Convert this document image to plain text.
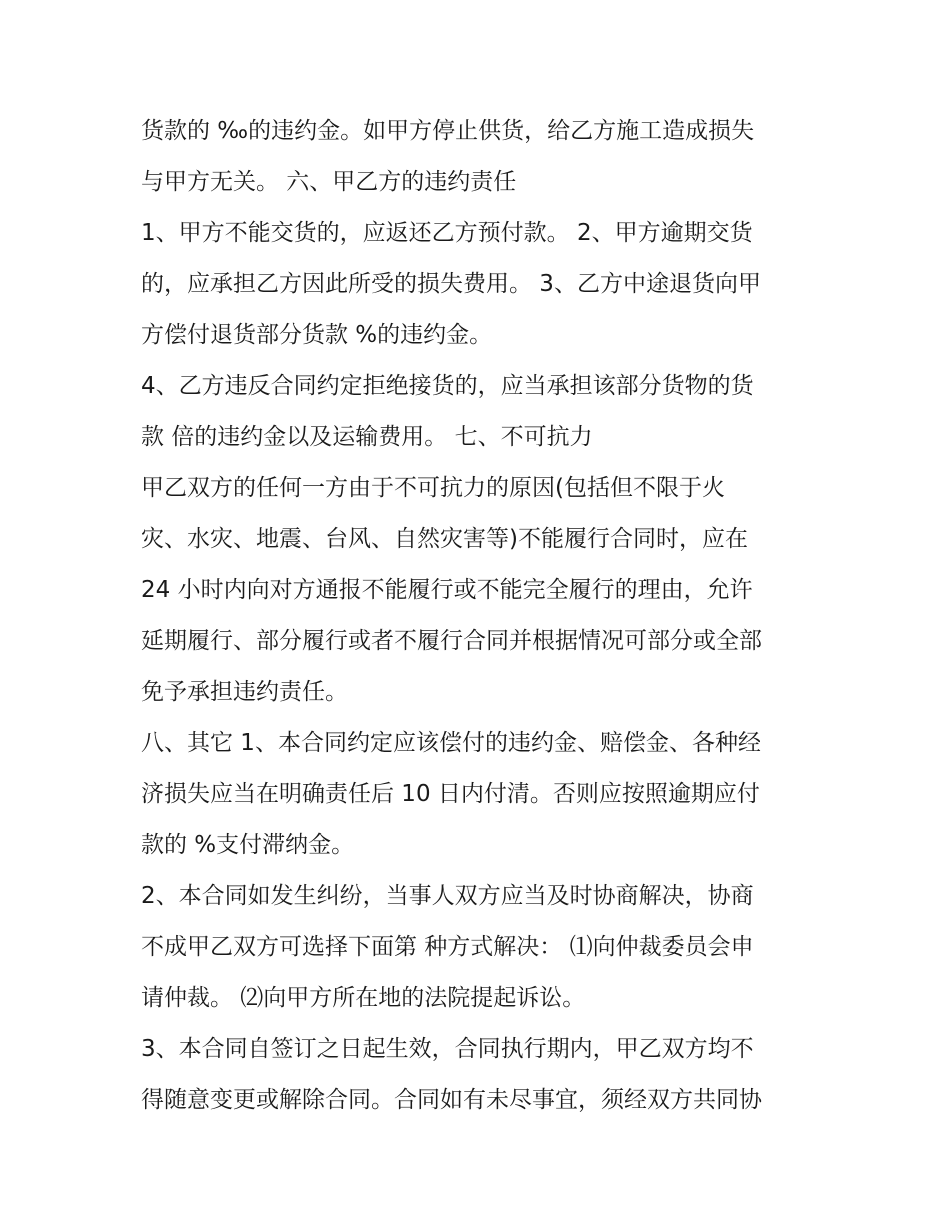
货款的 ‰的违约金。如甲方停止供货，给乙方施工造成损失
与甲方无关。 六、甲乙方的违约责任
1、甲方不能交货的，应返还乙方预付款。 2、甲方逾期交货
的，应承担乙方因此所受的损失费用。 3、乙方中途退货向甲
方偿付退货部分货款 %的违约金。
4、乙方违反合同约定拒绝接货的，应当承担该部分货物的货
款 倍的违约金以及运输费用。 七、不可抗力
甲乙双方的任何一方由于不可抗力的原因(包括但不限于火
灾、水灾、地震、台风、自然灾害等)不能履行合同时，应在
24 小时内向对方通报不能履行或不能完全履行的理由，允许
延期履行、部分履行或者不履行合同并根据情况可部分或全部
免予承担违约责任。
八、其它 1、本合同约定应该偿付的违约金、赔偿金、各种经
济损失应当在明确责任后 10 日内付清。否则应按照逾期应付
款的 %支付滞纳金。
2、本合同如发生纠纷，当事人双方应当及时协商解决，协商
不成甲乙双方可选择下面第 种方式解决： ⑴向仲裁委员会申
请仲裁。 ⑵向甲方所在地的法院提起诉讼。
3、本合同自签订之日起生效，合同执行期内，甲乙双方均不
得随意变更或解除合同。合同如有未尽事宜，须经双方共同协
